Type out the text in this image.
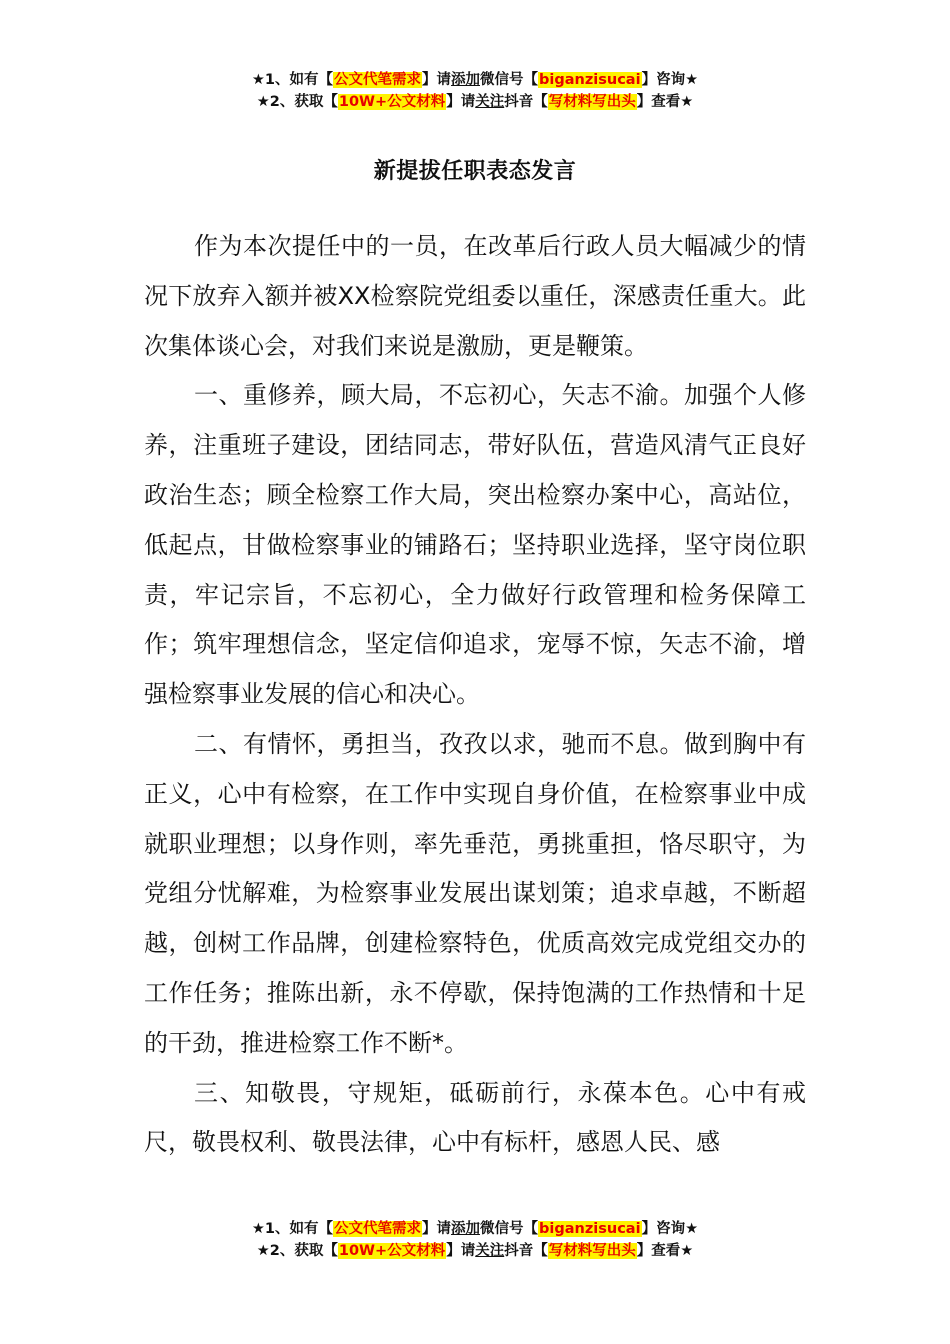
★1、如有【公文代笔需求】请添加微信号【biganzisucai】咨询★
★2、获取【10W+公文材料】请关注抖音【写材料写出头】查看★
新提拔任职表态发言

作为本次提任中的一员，在改革后行政人员大幅减少的情况下放弃入额并被XX检察院党组委以重任，深感责任重大。此次集体谈心会，对我们来说是激励，更是鞭策。

一、重修养，顾大局，不忘初心，矢志不渝。加强个人修养，注重班子建设，团结同志，带好队伍，营造风清气正良好政治生态；顾全检察工作大局，突出检察办案中心，高站位，低起点，甘做检察事业的铺路石；坚持职业选择，坚守岗位职责，牢记宗旨，不忘初心，全力做好行政管理和检务保障工作；筑牢理想信念，坚定信仰追求，宠辱不惊，矢志不渝，增强检察事业发展的信心和决心。

二、有情怀，勇担当，孜孜以求，驰而不息。做到胸中有正义，心中有检察，在工作中实现自身价值，在检察事业中成就职业理想；以身作则，率先垂范，勇挑重担，恪尽职守，为党组分忧解难，为检察事业发展出谋划策；追求卓越，不断超越，创树工作品牌，创建检察特色，优质高效完成党组交办的工作任务；推陈出新，永不停歇，保持饱满的工作热情和十足的干劲，推进检察工作不断*。

三、知敬畏，守规矩，砥砺前行，永葆本色。心中有戒尺，敬畏权利、敬畏法律，心中有标杆，感恩人民、感

★1、如有【公文代笔需求】请添加微信号【biganzisucai】咨询★
★2、获取【10W+公文材料】请关注抖音【写材料写出头】查看★
